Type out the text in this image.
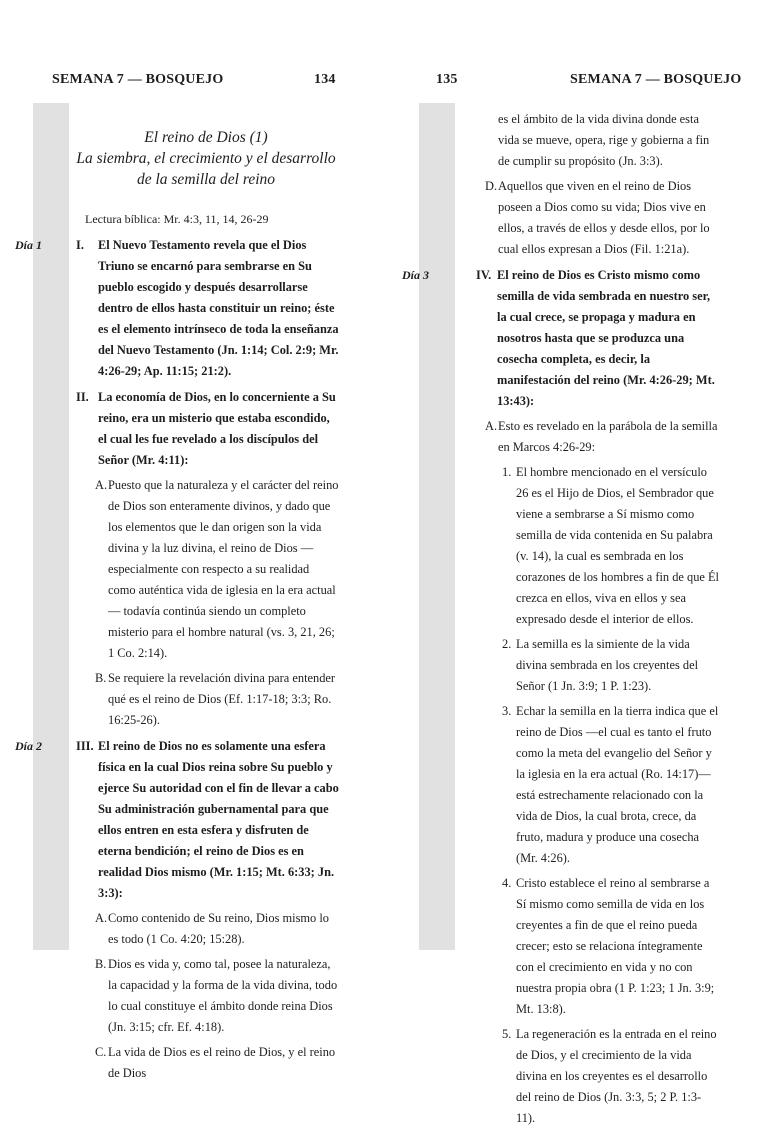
SEMANA 7 — BOSQUEJO	134
El reino de Dios (1)
La siembra, el crecimiento y el desarrollo
de la semilla del reino
Lectura bíblica: Mr. 4:3, 11, 14, 26-29
Día 1	I. El Nuevo Testamento revela que el Dios Triuno se encarnó para sembrarse en Su pueblo escogido y después desarrollarse dentro de ellos hasta constituir un reino; éste es el elemento intrínseco de toda la enseñanza del Nuevo Testamento (Jn. 1:14; Col. 2:9; Mr. 4:26-29; Ap. 11:15; 21:2).
II. La economía de Dios, en lo concerniente a Su reino, era un misterio que estaba escondido, el cual les fue revelado a los discípulos del Señor (Mr. 4:11):
A.Puesto que la naturaleza y el carácter del reino de Dios son enteramente divinos, y dado que los elementos que le dan origen son la vida divina y la luz divina, el reino de Dios —especialmente con respecto a su realidad como auténtica vida de iglesia en la era actual— todavía continúa siendo un completo misterio para el hombre natural (vs. 3, 21, 26; 1 Co. 2:14).
B. Se requiere la revelación divina para entender qué es el reino de Dios (Ef. 1:17-18; 3:3; Ro. 16:25-26).
Día 2	III. El reino de Dios no es solamente una esfera física en la cual Dios reina sobre Su pueblo y ejerce Su autoridad con el fin de llevar a cabo Su administración gubernamental para que ellos entren en esta esfera y disfruten de eterna bendición; el reino de Dios es en realidad Dios mismo (Mr. 1:15; Mt. 6:33; Jn. 3:3):
A.Como contenido de Su reino, Dios mismo lo es todo (1 Co. 4:20; 15:28).
B. Dios es vida y, como tal, posee la naturaleza, la capacidad y la forma de la vida divina, todo lo cual constituye el ámbito donde reina Dios (Jn. 3:15; cfr. Ef. 4:18).
C. La vida de Dios es el reino de Dios, y el reino de Dios
135	SEMANA 7 — BOSQUEJO
es el ámbito de la vida divina donde esta vida se mueve, opera, rige y gobierna a fin de cumplir su propósito (Jn. 3:3).
D.Aquellos que viven en el reino de Dios poseen a Dios como su vida; Dios vive en ellos, a través de ellos y desde ellos, por lo cual ellos expresan a Dios (Fil. 1:21a).
Día 3	IV. El reino de Dios es Cristo mismo como semilla de vida sembrada en nuestro ser, la cual crece, se propaga y madura en nosotros hasta que se produzca una cosecha completa, es decir, la manifestación del reino (Mr. 4:26-29; Mt. 13:43):
A.Esto es revelado en la parábola de la semilla en Marcos 4:26-29:
1. El hombre mencionado en el versículo 26 es el Hijo de Dios, el Sembrador que viene a sembrarse a Sí mismo como semilla de vida contenida en Su palabra (v. 14), la cual es sembrada en los corazones de los hombres a fin de que Él crezca en ellos, viva en ellos y sea expresado desde el interior de ellos.
2. La semilla es la simiente de la vida divina sembrada en los creyentes del Señor (1 Jn. 3:9; 1 P. 1:23).
3. Echar la semilla en la tierra indica que el reino de Dios —el cual es tanto el fruto como la meta del evangelio del Señor y la iglesia en la era actual (Ro. 14:17)— está estrechamente relacionado con la vida de Dios, la cual brota, crece, da fruto, madura y produce una cosecha (Mr. 4:26).
4. Cristo establece el reino al sembrarse a Sí mismo como semilla de vida en los creyentes a fin de que el reino pueda crecer; esto se relaciona íntegramente con el crecimiento en vida y no con nuestra propia obra (1 P. 1:23; 1 Jn. 3:9; Mt. 13:8).
5. La regeneración es la entrada en el reino de Dios, y el crecimiento de la vida divina en los creyentes es el desarrollo del reino de Dios (Jn. 3:3, 5; 2 P. 1:3-11).
